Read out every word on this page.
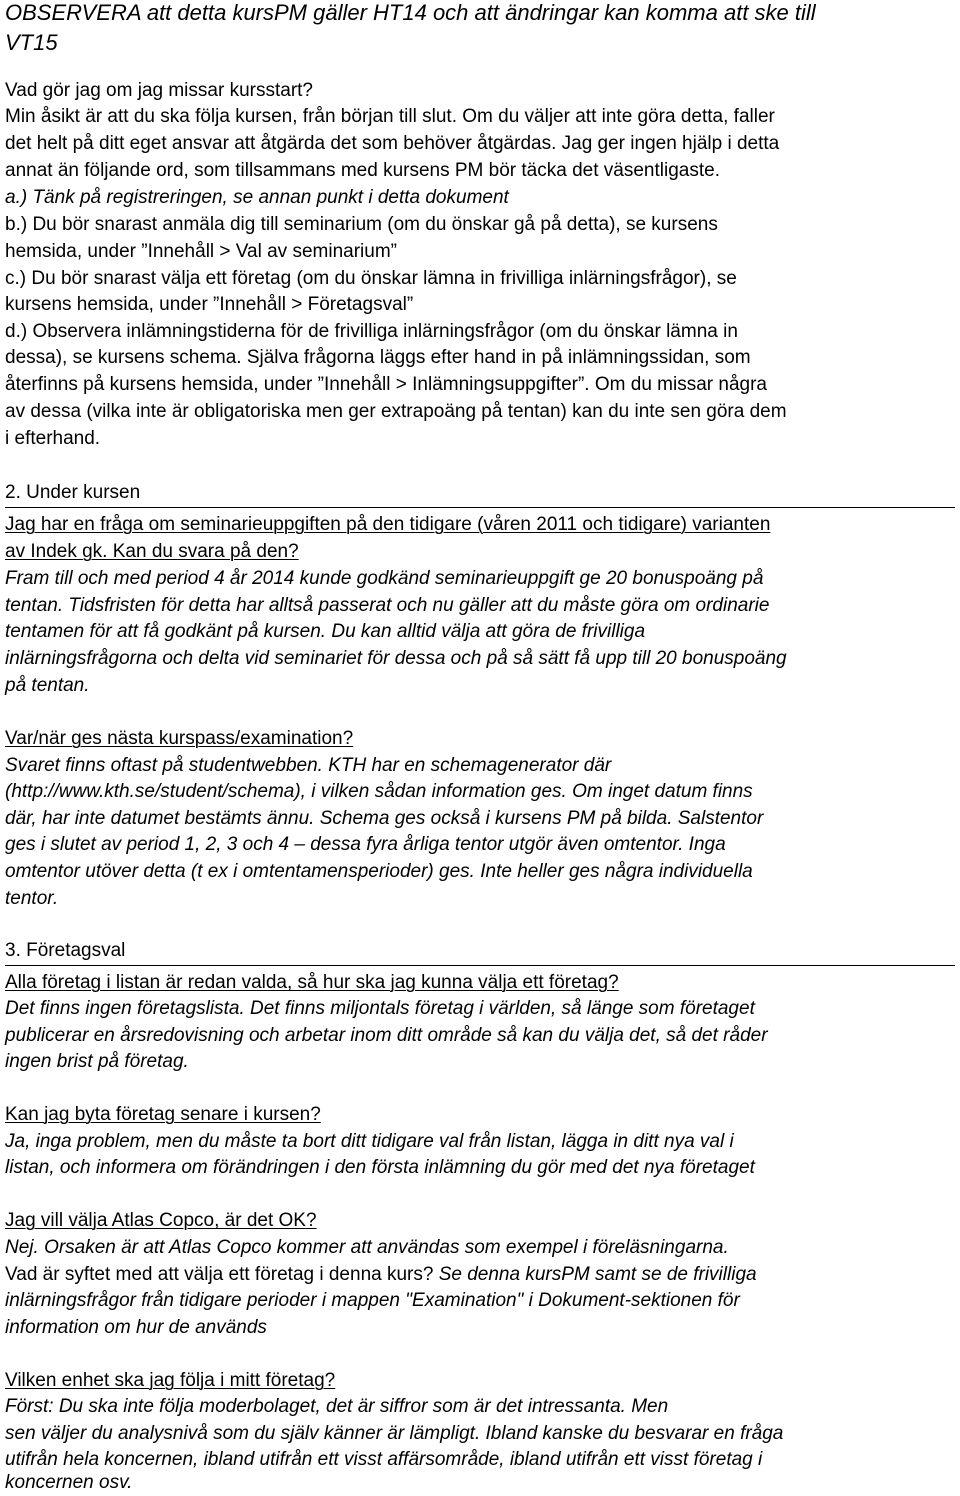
OBSERVERA att detta kursPM gäller HT14 och att ändringar kan komma att ske till
VT15
Vad gör jag om jag missar kursstart?
Min åsikt är att du ska följa kursen, från början till slut. Om du väljer att inte göra detta, faller
det helt på ditt eget ansvar att åtgärda det som behöver åtgärdas. Jag ger ingen hjälp i detta
annat än följande ord, som tillsammans med kursens PM bör täcka det väsentligaste.
a.) Tänk på registreringen, se annan punkt i detta dokument
b.) Du bör snarast anmäla dig till seminarium (om du önskar gå på detta), se kursens
hemsida, under ”Innehåll > Val av seminarium”
c.) Du bör snarast välja ett företag (om du önskar lämna in frivilliga inlärningsfrågor), se
kursens hemsida, under ”Innehåll > Företagsval”
d.) Observera inlämningstiderna för de frivilliga inlärningsfrågor (om du önskar lämna in
dessa), se kursens schema. Själva frågorna läggs efter hand in på inlämningssidan, som
återfinns på kursens hemsida, under ”Innehåll > Inlämningsuppgifter”. Om du missar några
av dessa (vilka inte är obligatoriska men ger extrapoäng på tentan) kan du inte sen göra dem
i efterhand.
2. Under kursen
Jag har en fråga om seminarieuppgiften på den tidigare (våren 2011 och tidigare) varianten
av Indek gk. Kan du svara på den?
Fram till och med period 4 år 2014 kunde godkänd seminarieuppgift ge 20 bonuspoäng på
tentan. Tidsfristen för detta har alltså passerat och nu gäller att du måste göra om ordinarie
tentamen för att få godkänt på kursen. Du kan alltid välja att göra de frivilliga
inlärningsfrågorna och delta vid seminariet för dessa och på så sätt få upp till 20 bonuspoäng
på tentan.
Var/när ges nästa kurspass/examination?
Svaret finns oftast på studentwebben. KTH har en schemagenerator där
(http://www.kth.se/student/schema), i vilken sådan information ges. Om inget datum finns
där, har inte datumet bestämts ännu. Schema ges också i kursens PM på bilda. Salstentor
ges i slutet av period 1, 2, 3 och 4 – dessa fyra årliga tentor utgör även omtentor. Inga
omtentor utöver detta (t ex i omtentamensperioder) ges. Inte heller ges några individuella
tentor.
3. Företagsval
Alla företag i listan är redan valda, så hur ska jag kunna välja ett företag?
Det finns ingen företagslista. Det finns miljontals företag i världen, så länge som företaget
publicerar en årsredovisning och arbetar inom ditt område så kan du välja det, så det råder
ingen brist på företag.
Kan jag byta företag senare i kursen?
Ja, inga problem, men du måste ta bort ditt tidigare val från listan, lägga in ditt nya val i
listan, och informera om förändringen i den första inlämning du gör med det nya företaget
Jag vill välja Atlas Copco, är det OK?
Nej. Orsaken är att Atlas Copco kommer att användas som exempel i föreläsningarna.
Vad är syftet med att välja ett företag i denna kurs? Se denna kursPM samt se de frivilliga
inlärningsfrågor från tidigare perioder i mappen "Examination" i Dokument-sektionen för
information om hur de används
Vilken enhet ska jag följa i mitt företag?
Först: Du ska inte följa moderbolaget, det är siffror som är det intressanta. Men
sen väljer du analysnivå som du själv känner är lämpligt. Ibland kanske du besvarar en fråga
utifrån hela koncernen, ibland utifrån ett visst affärsområde, ibland utifrån ett visst företag i
koncernen osv.
